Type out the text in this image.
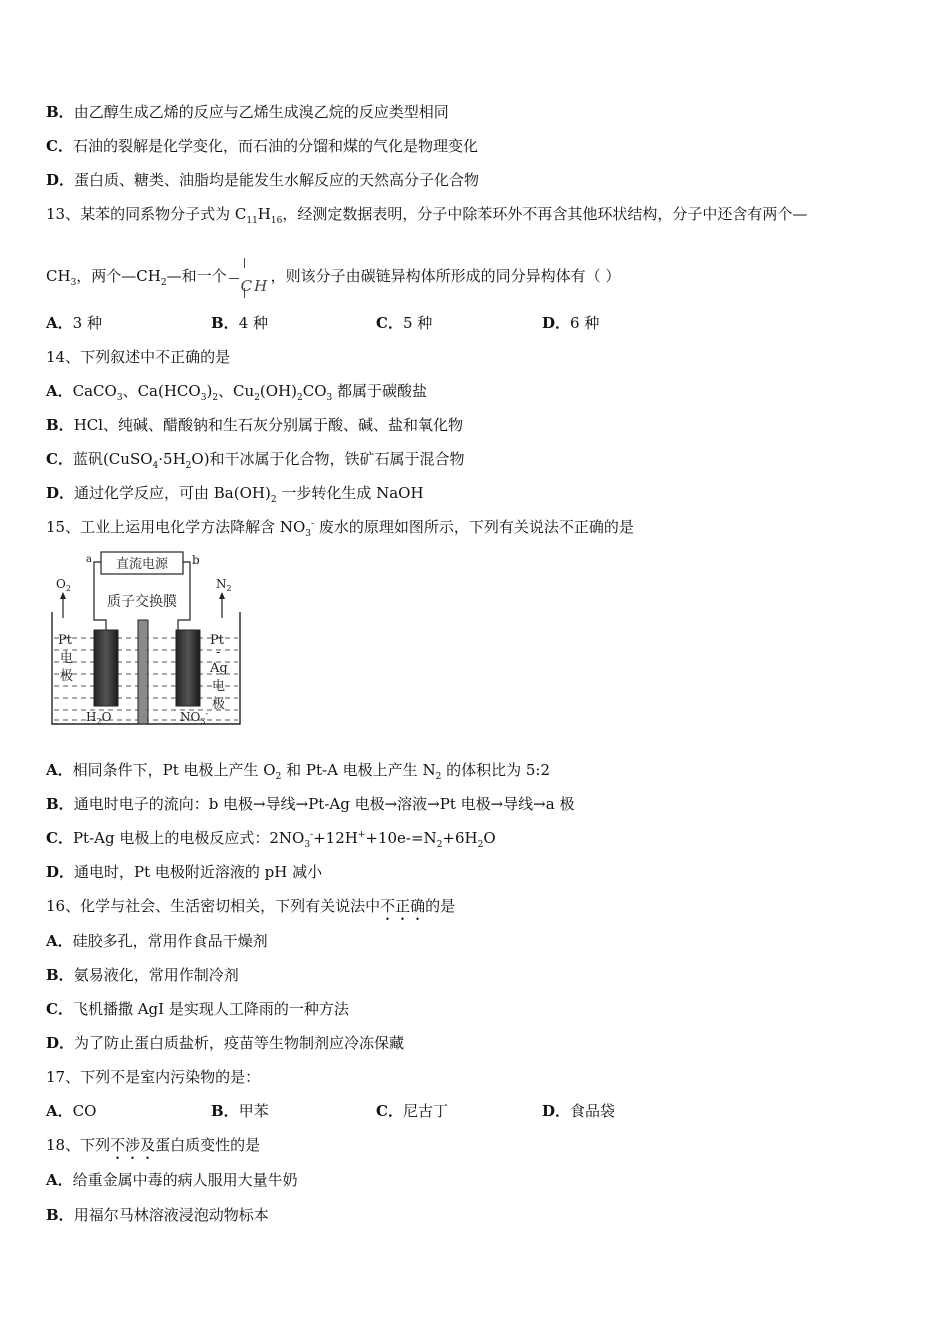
B．由乙醇生成乙烯的反应与乙烯生成溴乙烷的反应类型相同
C．石油的裂解是化学变化，而石油的分馏和煤的气化是物理变化
D．蛋白质、糖类、油脂均是能发生水解反应的天然高分子化合物
13、某苯的同系物分子式为 $C_{11}H_{16}$，经测定数据表明，分子中除苯环外不再含其他环状结构，分子中还含有两个—
$CH_3$，两个$—CH_2—$和一个
CH
，则该分子由碳链异构体所形成的同分异构体有（ ）
A．3 种	B．4 种	C．5 种	D．6 种
14、下列叙述中不正确的是
A．CaCO$_3$、$Ca(HCO_3)_2$、$Cu_2(OH)_2CO_3$ 都属于碳酸盐
B．HCl、纯碱、醋酸钠和生石灰分别属于酸、碱、盐和氧化物
C．蓝矾$(CuSO_4\cdot 5H_2O)$和干冰属于化合物，铁矿石属于混合物
D．通过化学反应，可由 $Ba(OH)_2$ 一步转化生成 NaOH
15、工业上运用电化学方法降解含 $NO_3^-$ 废水的原理如图所示，下列有关说法不正确的是
直流电源
a	b
$O_2$	$N_2$
质子交换膜
Pt
电
极
Pt
-
Ag
电
极
$H_2O$	$NO_3^-$
A．相同条件下，Pt 电极上产生 $O_2$ 和 Pt-A 电极上产生 $N_2$ 的体积比为 5:2
B．通电时电子的流向：b 电极→导线→Pt-Ag 电极→溶液→Pt 电极→导线→a 极
C．Pt-Ag 电极上的电极反应式：$2NO_3^-+12H^++10e-=N_2+6H_2O$
D．通电时，Pt 电极附近溶液的 pH 减小
16、化学与社会、生活密切相关，下列有关说法中不正确的是
A．硅胶多孔，常用作食品干燥剂
B．氨易液化，常用作制冷剂
C．飞机播撒 AgI 是实现人工降雨的一种方法
D．为了防止蛋白质盐析，疫苗等生物制剂应冷冻保藏
17、下列不是室内污染物的是：
A．CO	B．甲苯	C．尼古丁	D．食品袋
18、下列不涉及蛋白质变性的是
A．给重金属中毒的病人服用大量牛奶
B．用福尔马林溶液浸泡动物标本
